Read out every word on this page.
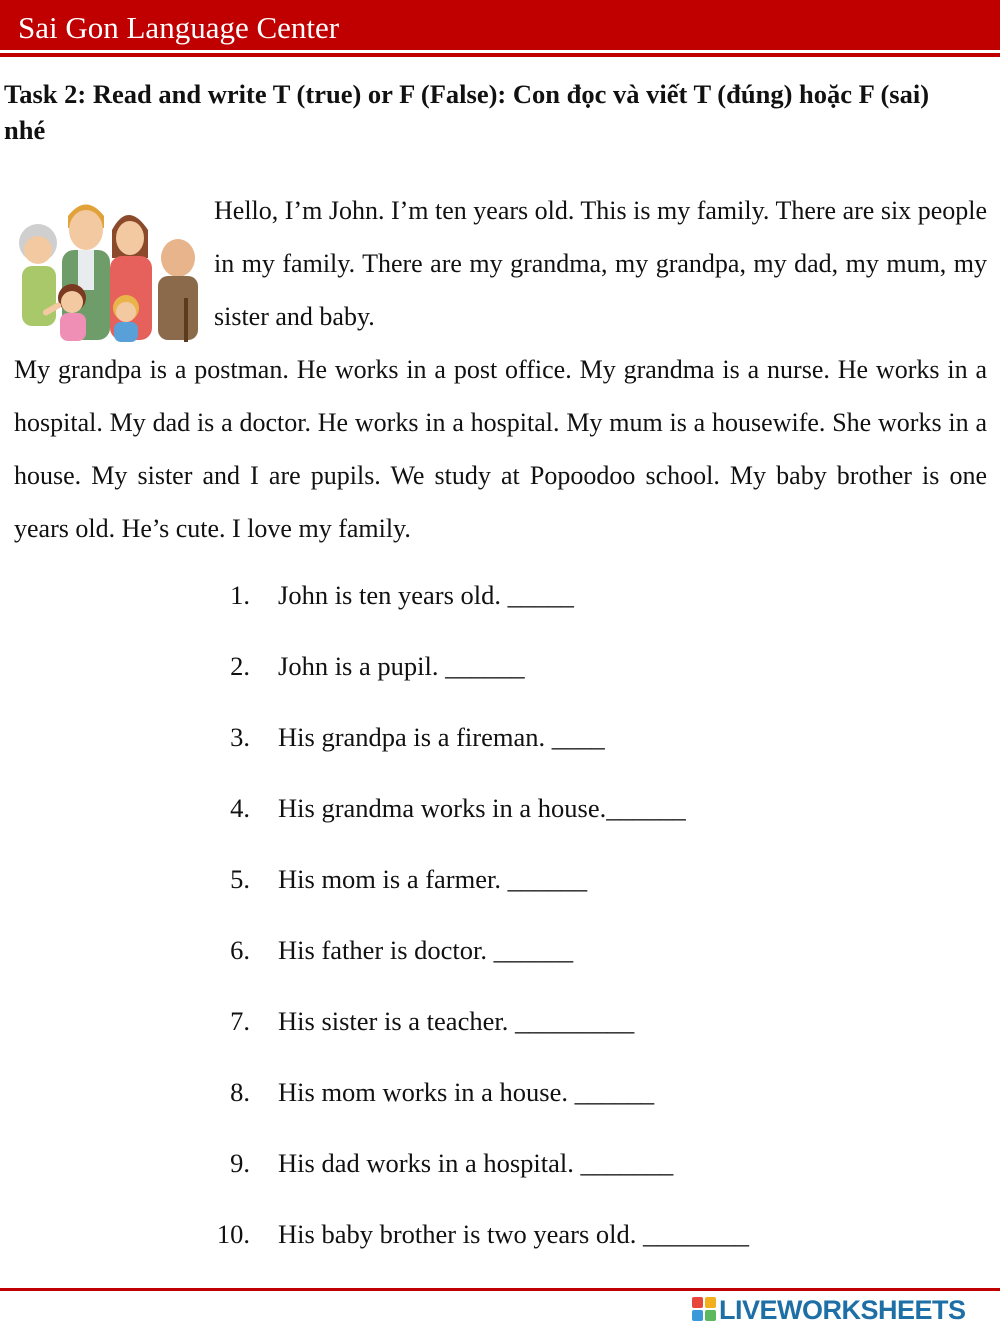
Sai Gon Language Center
Task 2: Read and write T (true) or F (False): Con đọc và viết T (đúng) hoặc F (sai) nhé

Hello, I’m John. I’m ten years old. This is my family. There are six people in my family. There are my grandma, my grandpa, my dad, my mum, my sister and baby.

My grandpa is a postman. He works in a post office. My grandma is a nurse. He works in a hospital. My dad is a doctor. He works in a hospital. My mum is a housewife. She works in a house. My sister and I are pupils. We study at Popoodoo school. My baby brother is one years old. He’s cute. I love my family.

1. John is ten years old. _____
2. John is a pupil. ______
3. His grandpa is a fireman. ____
4. His grandma works in a house.______
5. His mom is a farmer. ______
6. His father is doctor. ______
7. His sister is a teacher. _________
8. His mom works in a house. ______
9. His dad works in a hospital. _______
10. His baby brother is two years old. ________
LIVEWORKSHEETS
